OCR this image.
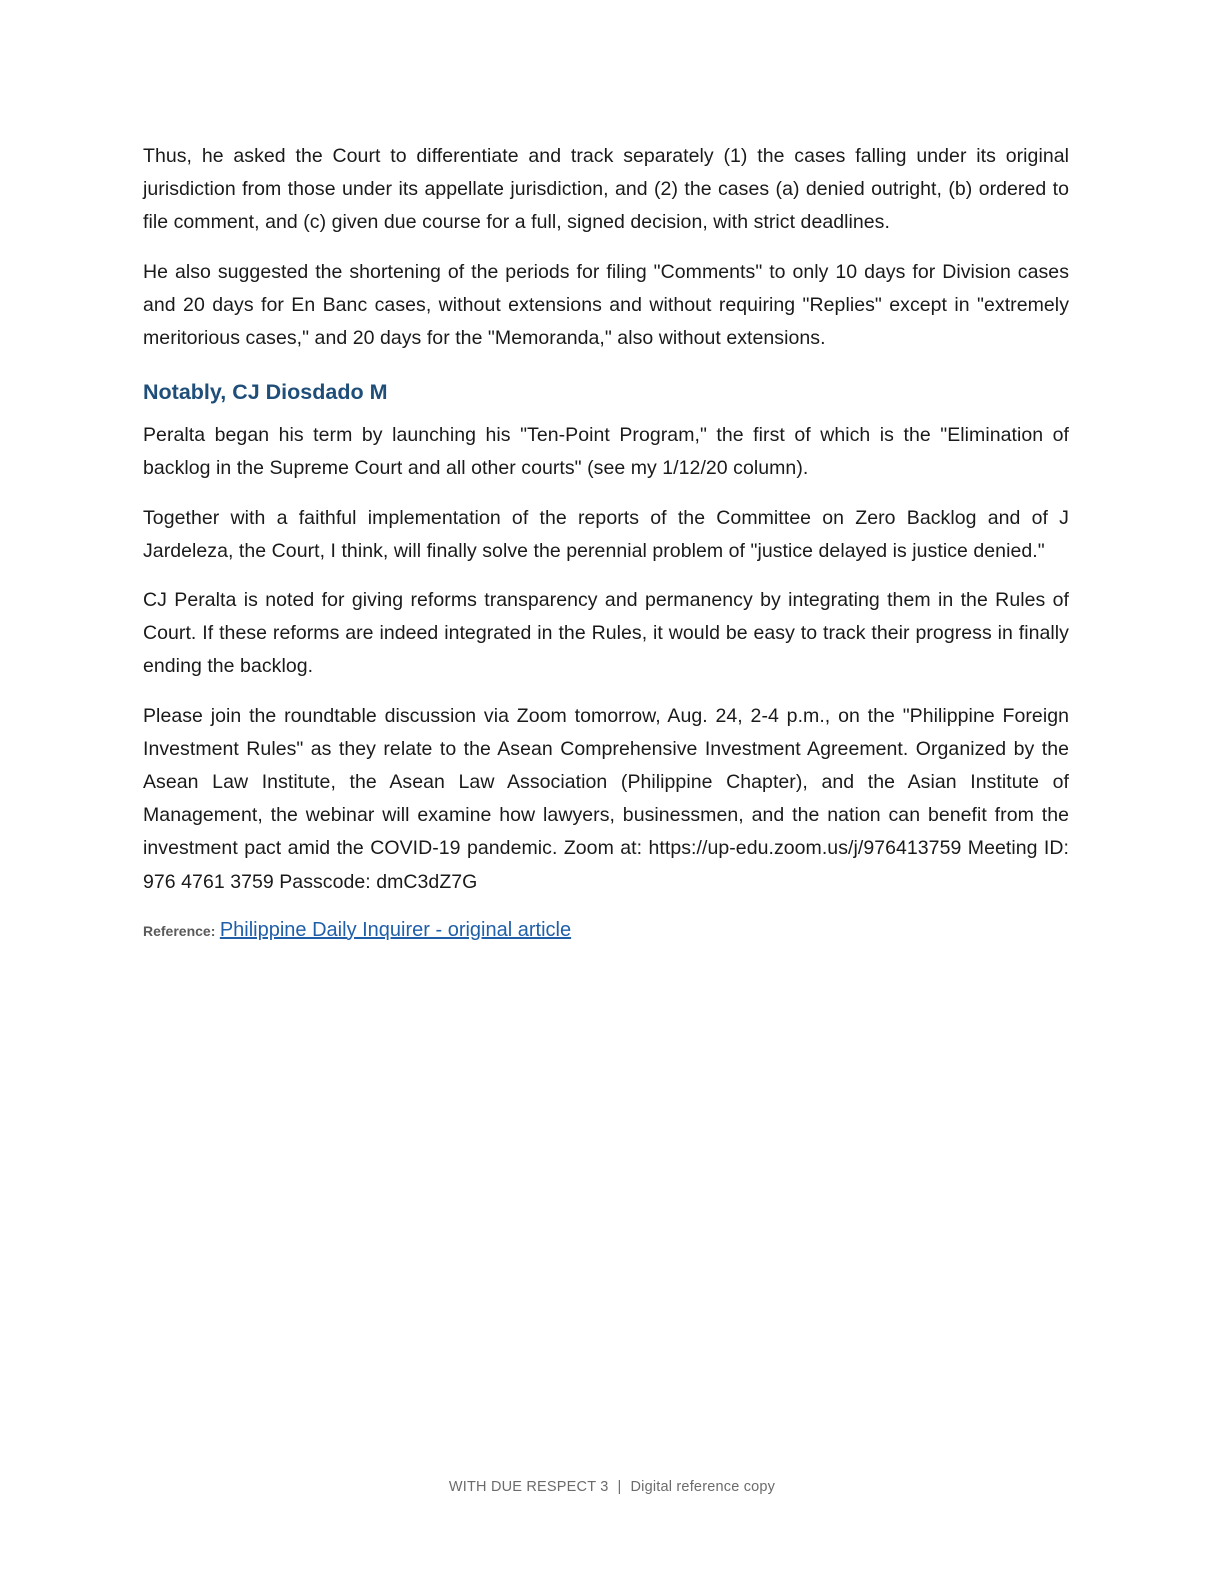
Thus, he asked the Court to differentiate and track separately (1) the cases falling under its original jurisdiction from those under its appellate jurisdiction, and (2) the cases (a) denied outright, (b) ordered to file comment, and (c) given due course for a full, signed decision, with strict deadlines.

He also suggested the shortening of the periods for filing "Comments" to only 10 days for Division cases and 20 days for En Banc cases, without extensions and without requiring "Replies" except in "extremely meritorious cases," and 20 days for the "Memoranda," also without extensions.

Notably, CJ Diosdado M

Peralta began his term by launching his "Ten-Point Program," the first of which is the "Elimination of backlog in the Supreme Court and all other courts" (see my 1/12/20 column).

Together with a faithful implementation of the reports of the Committee on Zero Backlog and of J Jardeleza, the Court, I think, will finally solve the perennial problem of "justice delayed is justice denied."

CJ Peralta is noted for giving reforms transparency and permanency by integrating them in the Rules of Court. If these reforms are indeed integrated in the Rules, it would be easy to track their progress in finally ending the backlog.

Please join the roundtable discussion via Zoom tomorrow, Aug. 24, 2-4 p.m., on the "Philippine Foreign Investment Rules" as they relate to the Asean Comprehensive Investment Agreement. Organized by the Asean Law Institute, the Asean Law Association (Philippine Chapter), and the Asian Institute of Management, the webinar will examine how lawyers, businessmen, and the nation can benefit from the investment pact amid the COVID-19 pandemic. Zoom at: https://up-edu.zoom.us/j/976413759 Meeting ID: 976 4761 3759 Passcode: dmC3dZ7G

Reference: Philippine Daily Inquirer - original article
WITH DUE RESPECT 3 | Digital reference copy
